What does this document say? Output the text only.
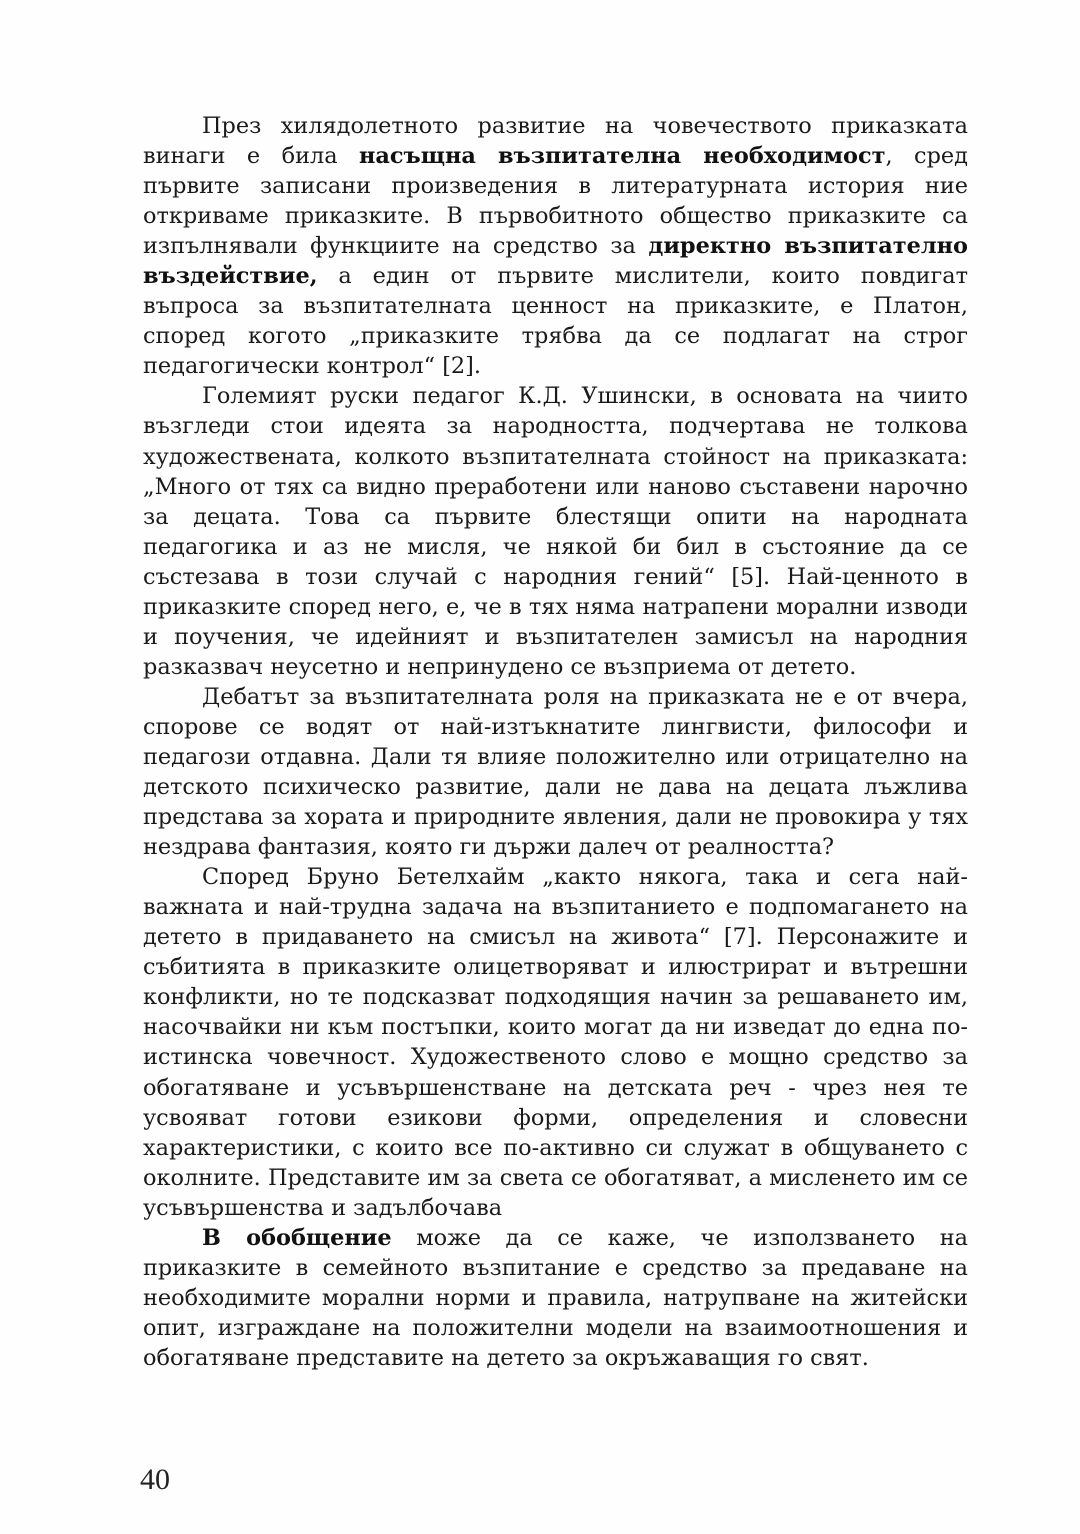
През хилядолетното развитие на човечеството приказката винаги е била насъщна възпитателна необходимост, сред първите записани произведения в литературната история ние откриваме приказките. В първобитното общество приказките са изпълнявали функциите на средство за директно възпитателно въздействие, а един от първите мислители, които повдигат въпроса за възпитателната ценност на приказките, е Платон, според когото „приказките трябва да се подлагат на строг педагогически контрол“ [2].

Големият руски педагог К.Д. Ушински, в основата на чиито възгледи стои идеята за народността, подчертава не толкова художествената, колкото възпитателната стойност на приказката: „Много от тях са видно преработени или наново съставени нарочно за децата. Това са първите блестящи опити на народната педагогика и аз не мисля, че някой би бил в състояние да се състезава в този случай с народния гений“ [5]. Най-ценното в приказките според него, е, че в тях няма натрапени морални изводи и поучения, че идейният и възпитателен замисъл на народния разказвач неусетно и непринудено се възприема от детето.

Дебатът за възпитателната роля на приказката не е от вчера, спорове се водят от най-изтъкнатите лингвисти, философи и педагози отдавна. Дали тя влияе положително или отрицателно на детското психическо развитие, дали не дава на децата лъжлива представа за хората и природните явления, дали не провокира у тях нездрава фантазия, която ги държи далеч от реалността?

Според Бруно Бетелхайм „както някога, така и сега най-важната и най-трудна задача на възпитанието е подпомагането на детето в придаването на смисъл на живота“ [7]. Персонажите и събитията в приказките олицетворяват и илюстрират и вътрешни конфликти, но те подсказват подходящия начин за решаването им, насочвайки ни към постъпки, които могат да ни изведат до една по-истинска човечност. Художественото слово е мощно средство за обогатяване и усъвършенстване на детската реч - чрез нея те усвояват готови езикови форми, определения и словесни характеристики, с които все по-активно си служат в общуването с околните. Представите им за света се обогатяват, а мисленето им се усъвършенства и задълбочава

В обобщение може да се каже, че използването на приказките в семейното възпитание е средство за предаване на необходимите морални норми и правила, натрупване на житейски опит, изграждане на положителни модели на взаимоотношения и обогатяване представите на детето за окръжаващия го свят.

40
